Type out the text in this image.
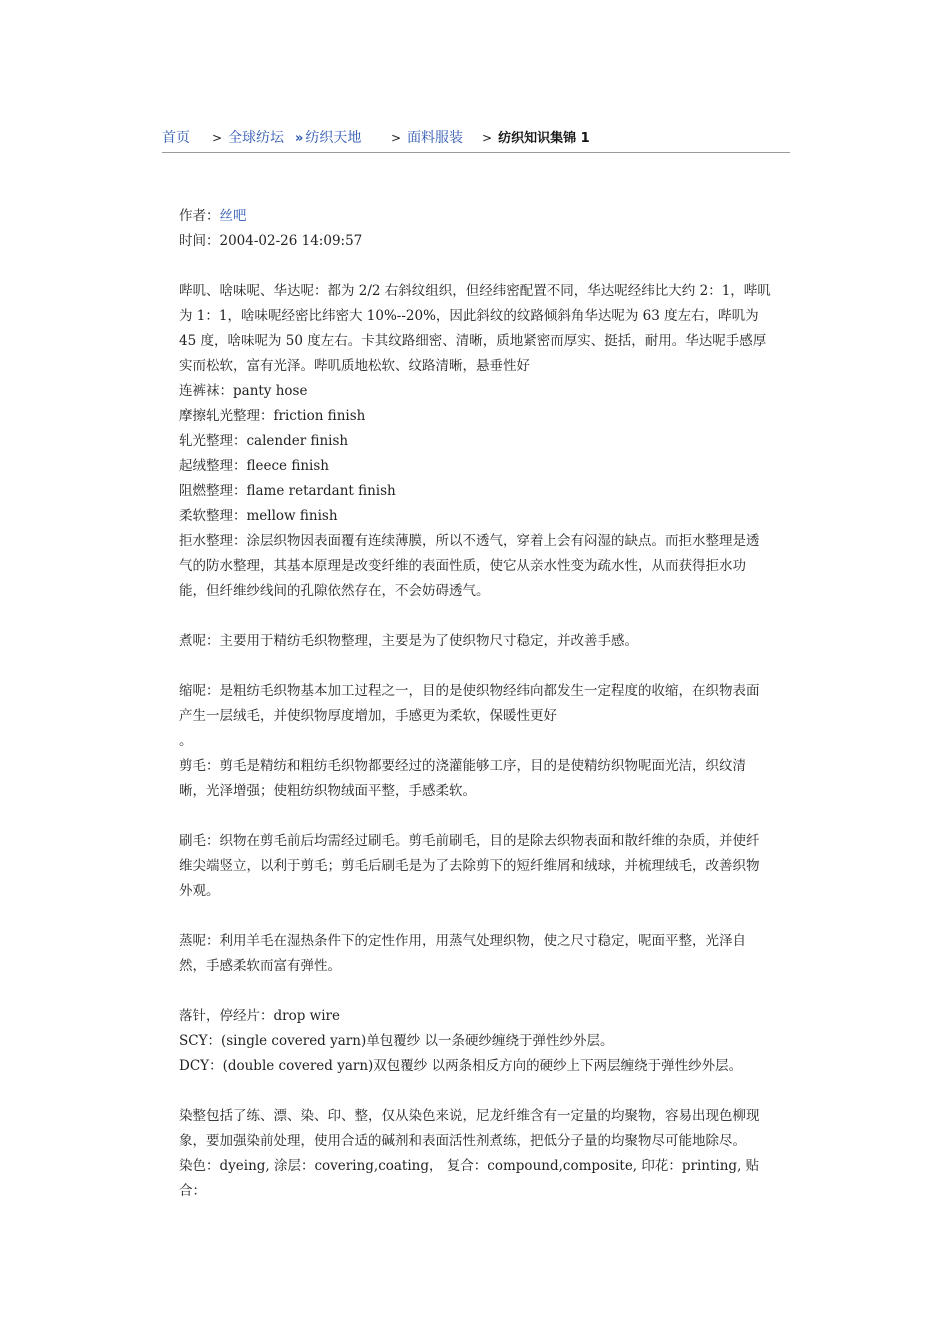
首页 > 全球纺坛 » 纺织天地 > 面料服装 > 纺织知识集锦 1

作者：丝吧

时间：2004-02-26 14:09:57

哔叽、啥味呢、华达呢：都为 2/2 右斜纹组织，但经纬密配置不同，华达呢经纬比大约 2：1，哔叽为 1：1，啥味呢经密比纬密大 10%--20%，因此斜纹的纹路倾斜角华达呢为 63 度左右，哔叽为 45 度，啥味呢为 50 度左右。卡其纹路细密、清晰，质地紧密而厚实、挺括，耐用。华达呢手感厚实而松软，富有光泽。哔叽质地松软、纹路清晰，悬垂性好

连裤袜：panty hose

摩擦轧光整理：friction finish

轧光整理：calender finish

起绒整理：fleece finish

阻燃整理：flame retardant finish

柔软整理：mellow finish

拒水整理：涂层织物因表面覆有连续薄膜，所以不透气，穿着上会有闷湿的缺点。而拒水整理是透气的防水整理，其基本原理是改变纤维的表面性质，使它从亲水性变为疏水性，从而获得拒水功能，但纤维纱线间的孔隙依然存在，不会妨碍透气。

煮呢：主要用于精纺毛织物整理，主要是为了使织物尺寸稳定，并改善手感。

缩呢：是粗纺毛织物基本加工过程之一，目的是使织物经纬向都发生一定程度的收缩，在织物表面产生一层绒毛，并使织物厚度增加，手感更为柔软，保暖性更好

。

剪毛：剪毛是精纺和粗纺毛织物都要经过的浇灌能够工序，目的是使精纺织物呢面光洁，织纹清晰，光泽增强；使粗纺织物绒面平整，手感柔软。

刷毛：织物在剪毛前后均需经过刷毛。剪毛前刷毛，目的是除去织物表面和散纤维的杂质，并使纤维尖端竖立，以利于剪毛；剪毛后刷毛是为了去除剪下的短纤维屑和绒球，并梳理绒毛，改善织物外观。

蒸呢：利用羊毛在湿热条件下的定性作用，用蒸气处理织物，使之尺寸稳定，呢面平整，光泽自然，手感柔软而富有弹性。

落针，停经片：drop wire

SCY：(single covered yarn)单包覆纱 以一条硬纱缠绕于弹性纱外层。

DCY：(double covered yarn)双包覆纱 以两条相反方向的硬纱上下两层缠绕于弹性纱外层。

染整包括了练、漂、染、印、整，仅从染色来说，尼龙纤维含有一定量的均聚物，容易出现色柳现象，要加强染前处理，使用合适的碱剂和表面活性剂煮练，把低分子量的均聚物尽可能地除尽。

染色：dyeing, 涂层：covering,coating， 复合：compound,composite, 印花：printing, 贴合：
